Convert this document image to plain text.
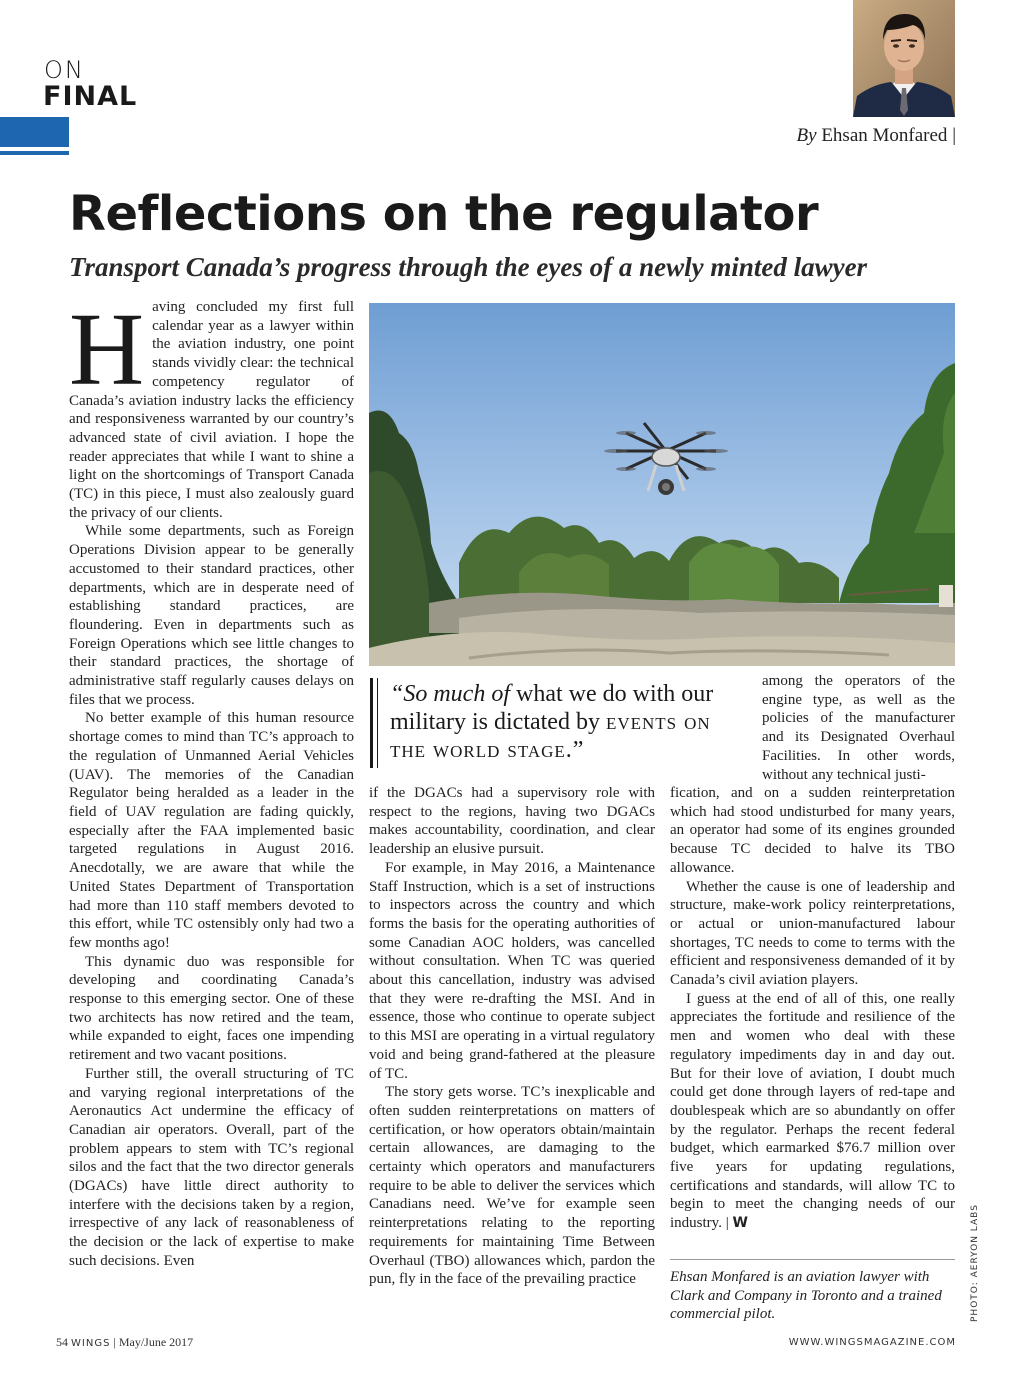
ON
FINAL
By Ehsan Monfared |
Reflections on the regulator
Transport Canada’s progress through the eyes of a newly minted lawyer

Having concluded my first full calendar year as a lawyer within the aviation industry, one point stands vividly clear: the technical competency regulator of Canada’s aviation industry lacks the efficiency and responsiveness warranted by our country’s advanced state of civil aviation. I hope the reader appreciates that while I want to shine a light on the shortcomings of Transport Canada (TC) in this piece, I must also zealously guard the privacy of our clients.

While some departments, such as Foreign Operations Division appear to be generally accustomed to their standard practices, other departments, which are in desperate need of establishing standard practices, are floundering. Even in departments such as Foreign Operations which see little changes to their standard practices, the shortage of administrative staff regularly causes delays on files that we process.

No better example of this human resource shortage comes to mind than TC’s approach to the regulation of Unmanned Aerial Vehicles (UAV). The memories of the Canadian Regulator being heralded as a leader in the field of UAV regulation are fading quickly, especially after the FAA implemented basic targeted regulations in August 2016. Anecdotally, we are aware that while the United States Department of Transportation had more than 110 staff members devoted to this effort, while TC ostensibly only had two a few months ago!

This dynamic duo was responsible for developing and coordinating Canada’s response to this emerging sector. One of these two architects has now retired and the team, while expanded to eight, faces one impending retirement and two vacant positions.

Further still, the overall structuring of TC and varying regional interpretations of the Aeronautics Act undermine the efficacy of Canadian air operators. Overall, part of the problem appears to stem with TC’s regional silos and the fact that the two director generals (DGACs) have little direct authority to interfere with the decisions taken by a region, irrespective of any lack of reasonableness of the decision or the lack of expertise to make such decisions. Even

“So much of what we do with our military is dictated by events on the world stage.”

among the operators of the engine type, as well as the policies of the manufacturer and its Designated Overhaul Facilities. In other words, without any technical justi-

if the DGACs had a supervisory role with respect to the regions, having two DGACs makes accountability, coordination, and clear leadership an elusive pursuit.

For example, in May 2016, a Maintenance Staff Instruction, which is a set of instructions to inspectors across the country and which forms the basis for the operating authorities of some Canadian AOC holders, was cancelled without consultation. When TC was queried about this cancellation, industry was advised that they were re-drafting the MSI. And in essence, those who continue to operate subject to this MSI are operating in a virtual regulatory void and being grand-fathered at the pleasure of TC.

The story gets worse. TC’s inexplicable and often sudden reinterpretations on matters of certification, or how operators obtain/maintain certain allowances, are damaging to the certainty which operators and manufacturers require to be able to deliver the services which Canadians need. We’ve for example seen reinterpretations relating to the reporting requirements for maintaining Time Between Overhaul (TBO) allowances which, pardon the pun, fly in the face of the prevailing practice

fication, and on a sudden reinterpretation which had stood undisturbed for many years, an operator had some of its engines grounded because TC decided to halve its TBO allowance.

Whether the cause is one of leadership and structure, make-work policy reinterpretations, or actual or union-manufactured labour shortages, TC needs to come to terms with the efficient and responsiveness demanded of it by Canada’s civil aviation players.

I guess at the end of all of this, one really appreciates the fortitude and resilience of the men and women who deal with these regulatory impediments day in and day out. But for their love of aviation, I doubt much could get done through layers of red-tape and doublespeak which are so abundantly on offer by the regulator. Perhaps the recent federal budget, which earmarked $76.7 million over five years for updating regulations, certifications and standards, will allow TC to begin to meet the changing needs of our industry. | W

Ehsan Monfared is an aviation lawyer with Clark and Company in Toronto and a trained commercial pilot.	PHOTO: AERYON LABS
54 WINGS | May/June 2017	WWW.WINGSMAGAZINE.COM
